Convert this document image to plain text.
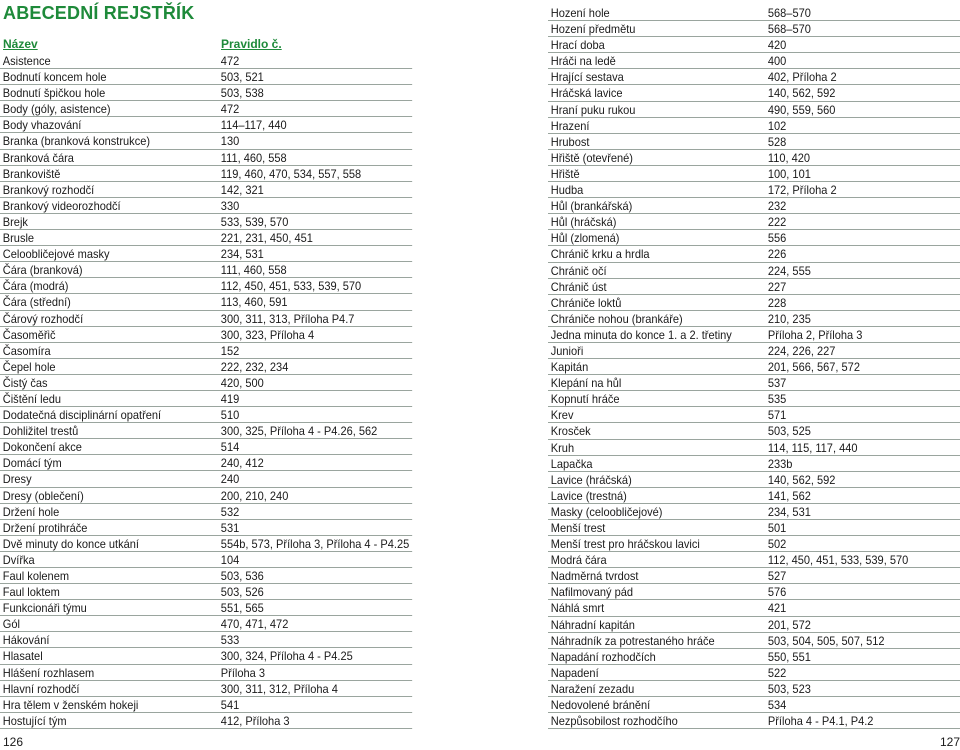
ABECEDNÍ REJSTŘÍK
Název	Pravidlo č.
Asistence	472
Bodnutí koncem hole	503, 521
Bodnutí špičkou hole	503, 538
Body (góly, asistence)	472
Body vhazování	114–117, 440
Branka (branková konstrukce)	130
Branková čára	111, 460, 558
Brankoviště	119, 460, 470, 534, 557, 558
Brankový rozhodčí	142, 321
Brankový videorozhodčí	330
Brejk	533, 539, 570
Brusle	221, 231, 450, 451
Celoobličejové masky	234, 531
Čára (branková)	111, 460, 558
Čára (modrá)	112, 450, 451, 533, 539, 570
Čára (střední)	113, 460, 591
Čárový rozhodčí	300, 311, 313, Příloha P4.7
Časoměřič	300, 323, Příloha 4
Časomíra	152
Čepel hole	222, 232, 234
Čistý čas	420, 500
Čištění ledu	419
Dodatečná disciplinární opatření	510
Dohližitel trestů	300, 325, Příloha 4 - P4.26, 562
Dokončení akce	514
Domácí tým	240, 412
Dresy	240
Dresy (oblečení)	200, 210, 240
Držení hole	532
Držení protihráče	531
Dvě minuty do konce utkání	554b, 573, Příloha 3, Příloha 4 - P4.25
Dvířka	104
Faul kolenem	503, 536
Faul loktem	503, 526
Funkcionáři týmu	551, 565
Gól	470, 471, 472
Hákování	533
Hlasatel	300, 324, Příloha 4 - P4.25
Hlášení rozhlasem	Příloha 3
Hlavní rozhodčí	300, 311, 312, Příloha 4
Hra tělem v ženském hokeji	541
Hostující tým	412, Příloha 3
126
Hození hole	568–570
Hození předmětu	568–570
Hrací doba	420
Hráči na ledě	400
Hrající sestava	402, Příloha 2
Hráčská lavice	140, 562, 592
Hraní puku rukou	490, 559, 560
Hrazení	102
Hrubost	528
Hřiště (otevřené)	110, 420
Hřiště	100, 101
Hudba	172, Příloha 2
Hůl (brankářská)	232
Hůl (hráčská)	222
Hůl (zlomená)	556
Chránič krku a hrdla	226
Chránič očí	224, 555
Chránič úst	227
Chrániče loktů	228
Chrániče nohou (brankáře)	210, 235
Jedna minuta do konce 1. a 2. třetiny	Příloha 2, Příloha 3
Junioři	224, 226, 227
Kapitán	201, 566, 567, 572
Klepání na hůl	537
Kopnutí hráče	535
Krev	571
Krosček	503, 525
Kruh	114, 115, 117, 440
Lapačka	233b
Lavice (hráčská)	140, 562, 592
Lavice (trestná)	141, 562
Masky (celoobličejové)	234, 531
Menší trest	501
Menší trest pro hráčskou lavici	502
Modrá čára	112, 450, 451, 533, 539, 570
Nadměrná tvrdost	527
Nafilmovaný pád	576
Náhlá smrt	421
Náhradní kapitán	201, 572
Náhradník za potrestaného hráče	503, 504, 505, 507, 512
Napadání rozhodčích	550, 551
Napadení	522
Naražení zezadu	503, 523
Nedovolené bránění	534
Nezpůsobilost rozhodčího	Příloha 4 - P4.1, P4.2
127
